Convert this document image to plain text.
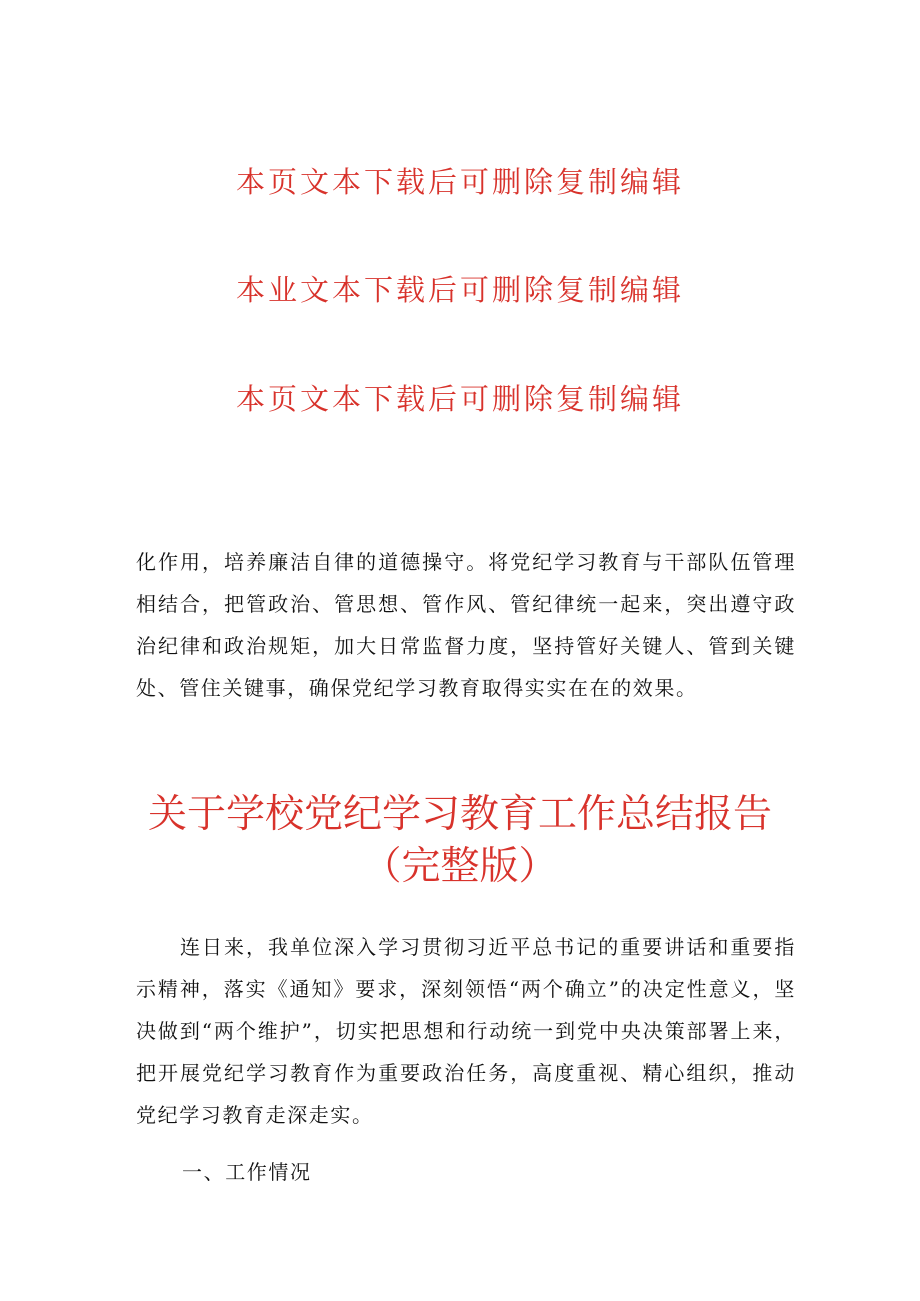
本页文本下载后可删除复制编辑
本业文本下载后可删除复制编辑
本页文本下载后可删除复制编辑

化作用，培养廉洁自律的道德操守。将党纪学习教育与干部队伍管理相结合，把管政治、管思想、管作风、管纪律统一起来，突出遵守政治纪律和政治规矩，加大日常监督力度，坚持管好关键人、管到关键处、管住关键事，确保党纪学习教育取得实实在在的效果。

关于学校党纪学习教育工作总结报告
（完整版）

连日来，我单位深入学习贯彻习近平总书记的重要讲话和重要指示精神，落实《通知》要求，深刻领悟“两个确立”的决定性意义，坚决做到“两个维护”，切实把思想和行动统一到党中央决策部署上来，把开展党纪学习教育作为重要政治任务，高度重视、精心组织，推动党纪学习教育走深走实。

一、工作情况
